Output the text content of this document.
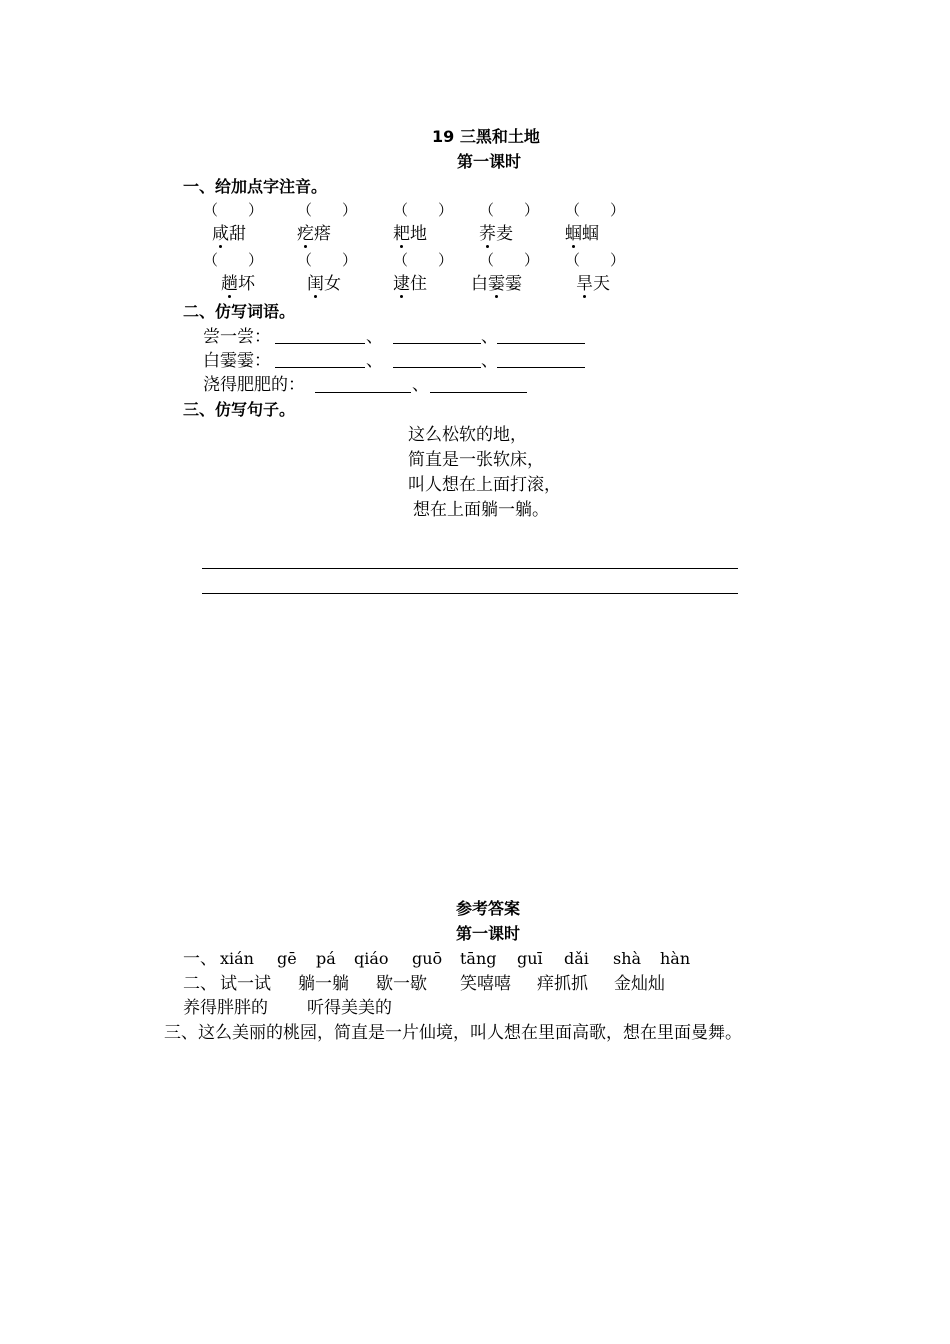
19 三黑和土地
第一课时
一、给加点字注音。
（　　） （　　） （　　） （　　） （　　）
咸甜	疙瘩	耙地	荞麦	蝈蝈
（　　） （　　） （　　） （　　） （　　）
趟坏	闺女	逮住	白霎霎	旱天
二、仿写词语。
尝一尝：	、	、
白霎霎：	、	、
浇得肥肥的：	、
三、仿写句子。
这么松软的地，
简直是一张软床，
叫人想在上面打滚，
想在上面躺一躺。
参考答案
第一课时
一、 xián gē pá qiáo guō tāng guī dǎi shà hàn
二、 试一试 躺一躺 歇一歇 笑嘻嘻 痒抓抓 金灿灿
养得胖胖的 听得美美的
三、这么美丽的桃园，简直是一片仙境，叫人想在里面高歌，想在里面曼舞。
